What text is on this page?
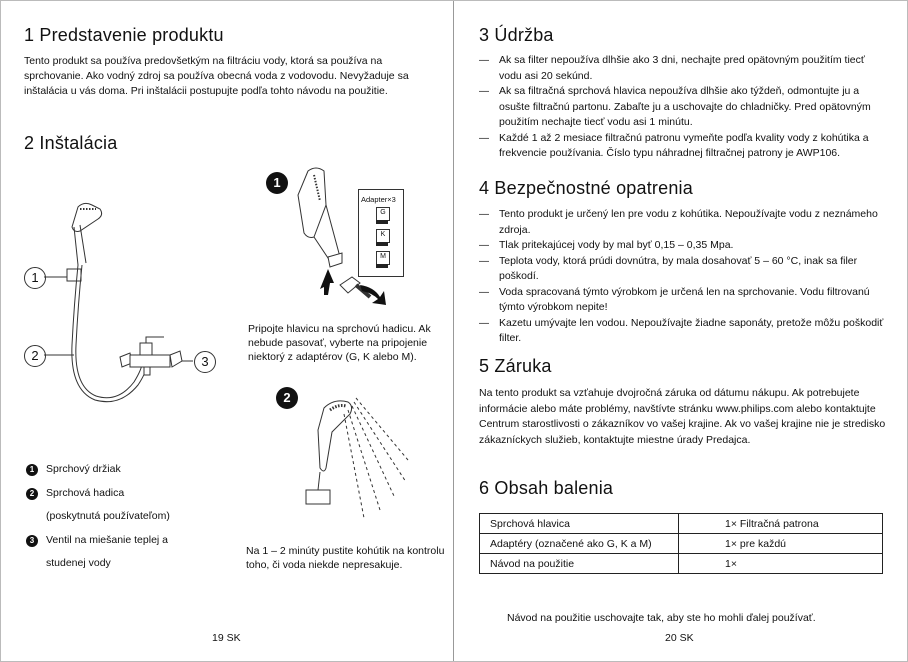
1 Predstavenie produktu

Tento produkt sa používa predovšetkým na filtráciu vody, ktorá sa používa na sprchovanie. Ako vodný zdroj sa používa obecná voda z vodovodu. Nevyžaduje sa inštalácia u vás doma. Pri inštalácii postupujte podľa tohto návodu na použitie.

2 Inštalácia
1
2	3
1
Adapter×3
G
K
M

Pripojte hlavicu na sprchovú hadicu. Ak nebude pasovať, vyberte na pripojenie niektorý z adaptérov (G, K alebo M).

2

Na 1 – 2 minúty pustite kohútik na kontrolu toho, či voda niekde nepresakuje.

1	Sprchový držiak
2	Sprchová hadica
(poskytnutá používateľom)
3	Ventil na miešanie teplej a
studenej vody
19 SK
3 Údržba
— Ak sa filter nepoužíva dlhšie ako 3 dni, nechajte pred opätovným použitím tiecť vodu asi 20 sekúnd.
— Ak sa filtračná sprchová hlavica nepoužíva dlhšie ako týždeň, odmontujte ju a osušte filtračnú partonu. Zabaľte ju a uschovajte do chladničky. Pred opätovným použitím nechajte tiecť vodu asi 1 minútu.
— Každé 1 až 2 mesiace filtračnú patronu vymeňte podľa kvality vody z kohútika a frekvencie používania. Číslo typu náhradnej filtračnej patrony je AWP106.
4 Bezpečnostné opatrenia
— Tento produkt je určený len pre vodu z kohútika. Nepoužívajte vodu z neznámeho zdroja.
— Tlak pritekajúcej vody by mal byť 0,15 – 0,35 Mpa.
— Teplota vody, ktorá prúdi dovnútra, by mala dosahovať 5 – 60 °C, inak sa filer poškodí.
— Voda spracovaná týmto výrobkom je určená len na sprchovanie. Vodu filtrovanú týmto výrobkom nepite!
— Kazetu umývajte len vodou. Nepoužívajte žiadne saponáty, pretože môžu poškodiť filter.
5 Záruka

Na tento produkt sa vzťahuje dvojročná záruka od dátumu nákupu. Ak potrebujete informácie alebo máte problémy, navštívte stránku www.philips.com alebo kontaktujte Centrum starostlivosti o zákazníkov vo vašej krajine. Ak vo vašej krajine nie je stredisko zákazníckych služieb, kontaktujte miestne úrady Predajca.

6 Obsah balenia
Sprchová hlavica	1× Filtračná patrona
Adaptéry (označené ako G, K a M)	1× pre každú
Návod na použitie	1×

Návod na použitie uschovajte tak, aby ste ho mohli ďalej používať.

20 SK
